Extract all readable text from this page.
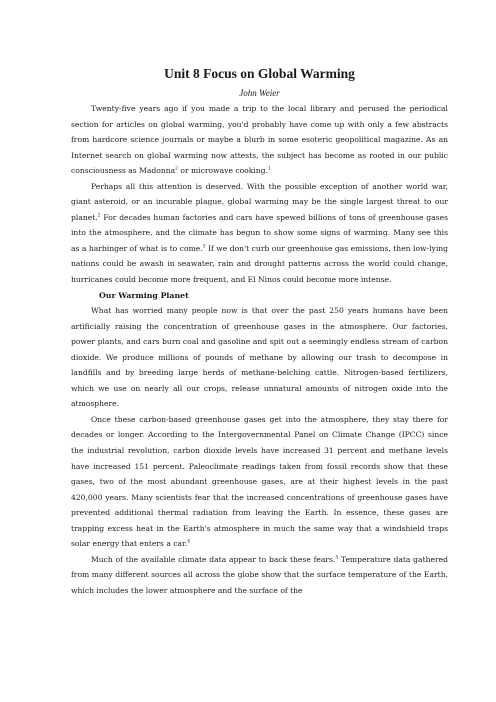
Unit 8 Focus on Global Warming
John Weier

Twenty-five years ago if you made a trip to the local library and perused the periodical section for articles on global warming, you'd probably have come up with only a few abstracts from hardcore science journals or maybe a blurb in some esoteric geopolitical magazine. As an Internet search on global warming now attests, the subject has become as rooted in our public consciousness as Madonna$^2$ or microwave cooking.$^1$

Perhaps all this attention is deserved. With the possible exception of another world war, giant asteroid, or an incurable plague, global warming may be the single largest threat to our planet.$^2$ For decades human factories and cars have spewed billions of tons of greenhouse gases into the atmosphere, and the climate has begun to show some signs of warming. Many see this as a harbinger of what is to come.$^3$ If we don't curb our greenhouse gas emissions, then low-lying nations could be awash in seawater, rain and drought patterns across the world could change, hurricanes could become more frequent, and El Ninos could become more intense.

Our Warming Planet

What has worried many people now is that over the past 250 years humans have been artificially raising the concentration of greenhouse gases in the atmosphere. Our factories, power plants, and cars burn coal and gasoline and spit out a seemingly endless stream of carbon dioxide. We produce millions of pounds of methane by allowing our trash to decompose in landfills and by breeding large herds of methane-belching cattle. Nitrogen-based fertilizers, which we use on nearly all our crops, release unnatural amounts of nitrogen oxide into the atmosphere.

Once these carbon-based greenhouse gases get into the atmosphere, they stay there for decades or longer. According to the Intergovernmental Panel on Climate Change (IPCC) since the industrial revolution, carbon dioxide levels have increased 31 percent and methane levels have increased 151 percent. Paleoclimate readings taken from fossil records show that these gases, two of the most abundant greenhouse gases, are at their highest levels in the past 420,000 years. Many scientists fear that the increased concentrations of greenhouse gases have prevented additional thermal radiation from leaving the Earth. In essence, these gases are trapping excess heat in the Earth's atmosphere in much the same way that a windshield traps solar energy that enters a car.$^4$

Much of the available climate data appear to back these fears.$^5$ Temperature data gathered from many different sources all across the globe show that the surface temperature of the Earth, which includes the lower atmosphere and the surface of the
